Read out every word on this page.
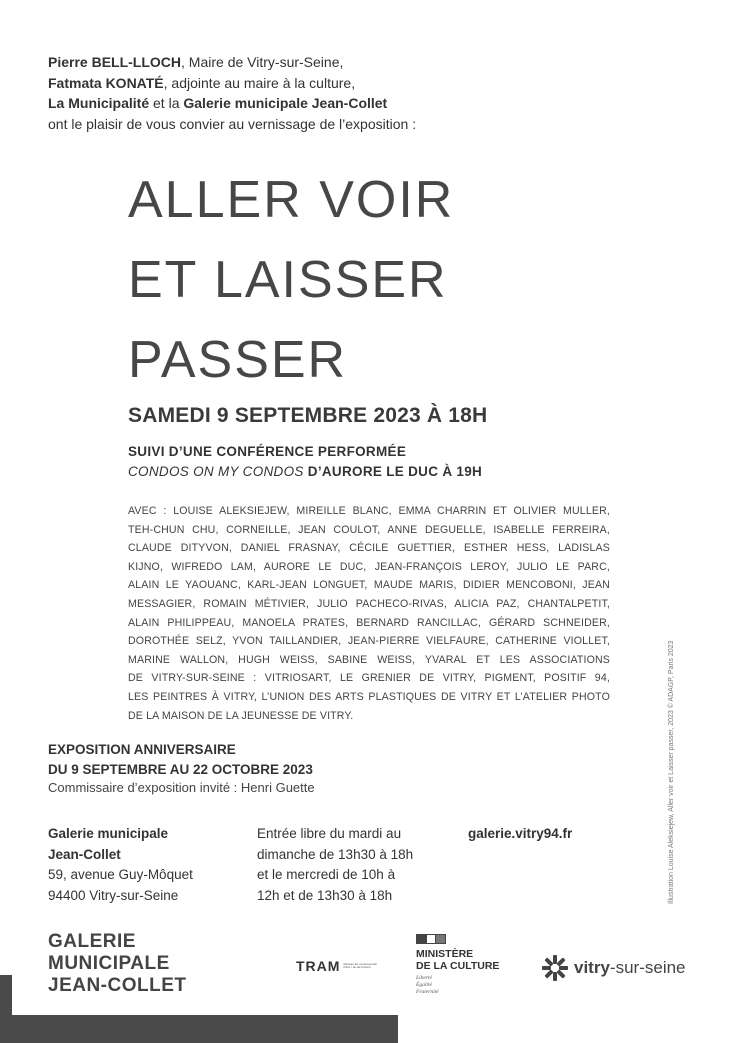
Pierre BELL-LLOCH, Maire de Vitry-sur-Seine,
Fatmata KONATÉ, adjointe au maire à la culture,
La Municipalité et la Galerie municipale Jean-Collet
ont le plaisir de vous convier au vernissage de l’exposition :
ALLER VOIR
ET LAISSER
PASSER
SAMEDI 9 SEPTEMBRE 2023 À 18H
SUIVI D’UNE CONFÉRENCE PERFORMÉE
CONDOS ON MY CONDOS D’AURORE LE DUC À 19H
AVEC : LOUISE ALEKSIEJEW, MIREILLE BLANC, EMMA CHARRIN ET OLIVIER MULLER,
TEH-CHUN CHU, CORNEILLE, JEAN COULOT, ANNE DEGUELLE, ISABELLE FERREIRA,
CLAUDE DITYVON, DANIEL FRASNAY, CÉCILE GUETTIER, ESTHER HESS, LADISLAS
KIJNO, WIFREDO LAM, AURORE LE DUC, JEAN-FRANÇOIS LEROY, JULIO LE PARC,
ALAIN LE YAOUANC, KARL-JEAN LONGUET, MAUDE MARIS, DIDIER MENCOBONI, JEAN
MESSAGIER, ROMAIN MÉTIVIER, JULIO PACHECO-RIVAS, ALICIA PAZ, CHANTALPETIT,
ALAIN PHILIPPEAU, MANOELA PRATES, BERNARD RANCILLAC, GÉRARD SCHNEIDER,
DOROTHÉE SELZ, YVON TAILLANDIER, JEAN-PIERRE VIELFAURE, CATHERINE VIOLLET,
MARINE WALLON, HUGH WEISS, SABINE WEISS, YVARAL ET LES ASSOCIATIONS
DE VITRY-SUR-SEINE : VITRIOSART, LE GRENIER DE VITRY, PIGMENT, POSITIF 94,
LES PEINTRES À VITRY, L’UNION DES ARTS PLASTIQUES DE VITRY ET L’ATELIER PHOTO
DE LA MAISON DE LA JEUNESSE DE VITRY.
EXPOSITION ANNIVERSAIRE
DU 9 SEPTEMBRE AU 22 OCTOBRE 2023
Commissaire d’exposition invité : Henri Guette
Galerie municipale
Jean-Collet
59, avenue Guy-Môquet
94400 Vitry-sur-Seine
Entrée libre du mardi au
dimanche de 13h30 à 18h
et le mercredi de 10h à
12h et de 13h30 à 18h
galerie.vitry94.fr	Illustration Louise Aleksiejew, Aller voir et Laisser passer, 2023 © ADAGP, Paris 2023
GALERIE
MUNICIPALE
JEAN-COLLET
TRAM Réseau art contemporain Paris / Ile-de-France
MINISTÈRE
DE LA CULTURE
Liberté
Égalité
Fraternité
vitry-sur-seine
